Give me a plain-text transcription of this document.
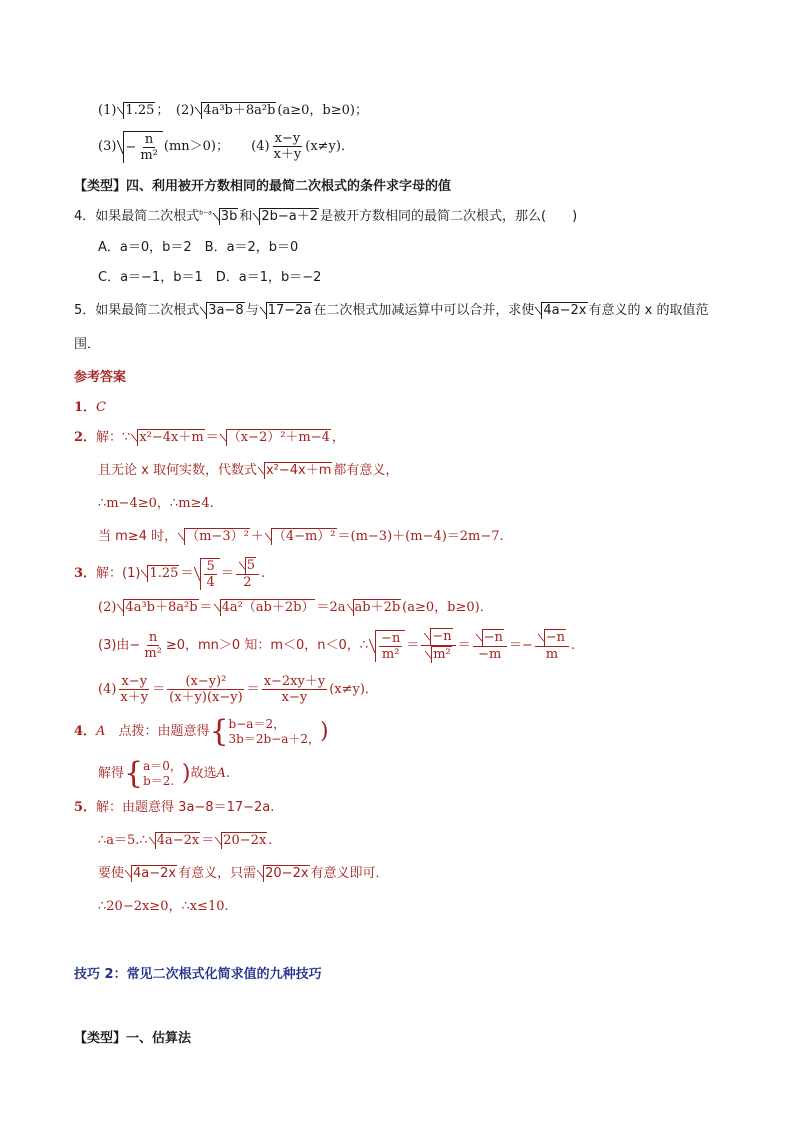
(1) 1.25 ；　(2) 4a³b＋8a²b (a≥0，b≥0)；
$(3) - \frac{n}{\text{m²}} (mn>0)$； $(4) \frac{x-y}{x+y} (x\ne y)$．
【类型】四、利用被开方数相同的最简二次根式的条件求字母的值
4．如果最简二次根式$^{b-a}$ 3b 和 2b−a＋2 是被开方数相同的最简二次根式，那么(　　)
A．a＝0，b＝2　B．a＝2，b＝0
C．a＝−1，b＝1　D．a＝1，b＝−2
5．如果最简二次根式 3a−8 与 17−2a 在二次根式加减运算中可以合并，求使 4a−2x 有意义的 x 的取值范
围．
参考答案
1．C
2．解：∵ x²−4x＋m ＝ （x−2）²＋m−4 ，
且无论 x 取何实数，代数式 x²−4x＋m 都有意义，
∴m−4≥0，∴m≥4.
当 m≥4 时， （m−3）² ＋ （4−m）² ＝(m−3)＋(m−4)＝2m−7.
3．解：(1) $1.25 = \frac{5}{4} = \frac{5}{2}$ .
(2) 4a³b＋8a²b ＝ 4a²（ab＋2b） ＝2a ab＋2b (a≥0，b≥0)．
(3)由− $\frac{n}{\text{m²}} \ge 0$，mn＞0 知：m＜0，n＜0，∴ $\frac{-n}{\text{m²}} = \frac{-n}{\text{m²}} = \frac{-n}{-m} =- \frac{-n}{m}$ .
$(4) \frac{x-y}{x+y} = \frac{\text{(x−y)²}}{(x+y)(x-y)} = \frac{x-2xy+y}{x-y} (x\ne y)$．
4．A　点拨：由题意得 { b−a＝2，
3b＝2b−a＋2， )
解得 { a＝0，
b＝2. ) 故选A.
5．解：由题意得 3a−8＝17−2a.
∴a＝5.∴ 4a−2x ＝ 20−2x .
要使 4a−2x 有意义，只需 20−2x 有意义即可．
∴20−2x≥0，∴x≤10.
技巧 2：常见二次根式化简求值的九种技巧
【类型】一、估算法
